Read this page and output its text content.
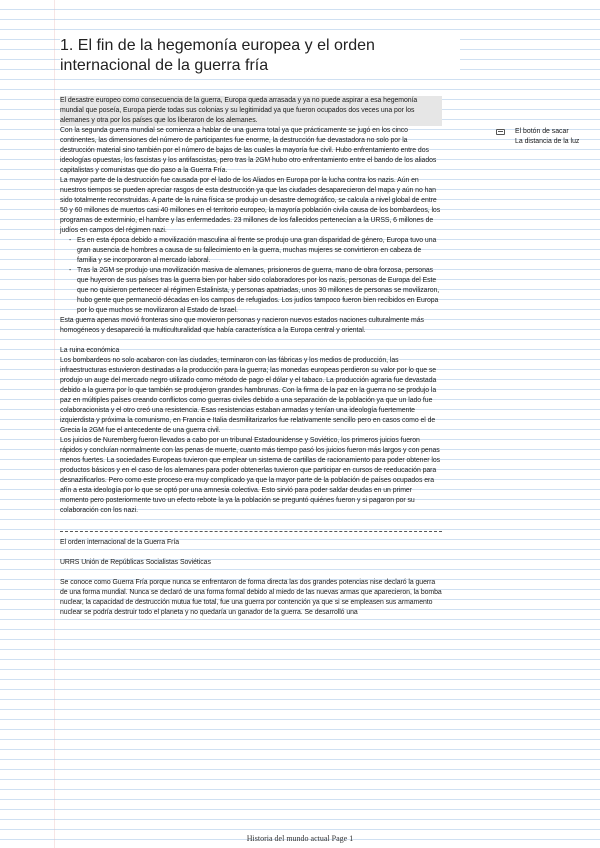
1. El fin de la hegemonía europea y el orden internacional de la guerra fría

El desastre europeo como consecuencia de la guerra, Europa queda arrasada y ya no puede aspirar a esa hegemonía mundial que poseía, Europa pierde todas sus colonias y su legitimidad ya que fueron ocupados dos veces una por los alemanes y otra por los países que los liberaron de los alemanes.

Con la segunda guerra mundial se comienza a hablar de una guerra total ya que prácticamente se jugó en los cinco continentes, las dimensiones del número de participantes fue enorme, la destrucción fue devastadora no solo por la destrucción material sino también por el número de bajas de las cuales la mayoría fue civil. Hubo enfrentamiento entre dos ideologías opuestas, los fascistas y los antifascistas, pero tras la 2GM hubo otro enfrentamiento entre el bando de los aliados capitalistas y comunistas que dio paso a la Guerra Fría.

La mayor parte de la destrucción fue causada por el lado de los Aliados en Europa por la lucha contra los nazis. Aún en nuestros tiempos se pueden apreciar rasgos de esta destrucción ya que las ciudades desaparecieron del mapa y aún no han sido totalmente reconstruidas. A parte de la ruina física se produjo un desastre demográfico, se calcula a nivel global de entre 50 y 60 millones de muertos casi 40 millones en el territorio europeo, la mayoría población civila causa de los bombardeos, los programas de exterminio, el hambre y las enfermedades. 23 millones de los fallecidos pertenecían a la URSS, 6 millones de judíos en campos del régimen nazi.

- Es en esta época debido a movilización masculina al frente se produjo una gran disparidad de género, Europa tuvo una gran ausencia de hombres a causa de su fallecimiento en la guerra, muchas mujeres se convirtieron en cabeza de familia y se incorporaron al mercado laboral.
- Tras la 2GM se produjo una movilización masiva de alemanes, prisioneros de guerra, mano de obra forzosa, personas que huyeron de sus países tras la guerra bien por haber sido colaboradores por los nazis, personas de Europa del Este que no quisieron pertenecer al régimen Estalinista, y personas apatriadas, unos 30 millones de personas se movilizaron, hubo gente que permaneció décadas en los campos de refugiados. Los judíos tampoco fueron bien recibidos en Europa por lo que muchos se movilizaron al Estado de Israel.

Esta guerra apenas movió fronteras sino que movieron personas y nacieron nuevos estados naciones culturalmente más homogéneos y desapareció la multiculturalidad que había característica a la Europa central y oriental.

La ruina económica

Los bombardeos no solo acabaron con las ciudades, terminaron con las fábricas y los medios de producción, las infraestructuras estuvieron destinadas a la producción para la guerra; las monedas europeas perdieron su valor por lo que se produjo un auge del mercado negro utilizado como método de pago el dólar y el tabaco. La producción agraria fue devastada debido a la guerra por lo que también se produjeron grandes hambrunas. Con la firma de la paz en la guerra no se produjo la paz en múltiples países creando conflictos como guerras civiles debido a una separación de la población ya que un lado fue colaboracionista y el otro creó una resistencia. Esas resistencias estaban armadas y tenían una ideología fuertemente izquierdista y próxima la comunismo, en Francia e Italia desmilitarizarlos fue relativamente sencillo pero en casos como el de Grecia la 2GM fue el antecedente de una guerra civil.

Los juicios de Nuremberg fueron llevados a cabo por un tribunal Estadounidense y Soviético, los primeros juicios fueron rápidos y concluían normalmente con las penas de muerte, cuanto más tiempo pasó los juicios fueron más largos y con penas menos fuertes. La sociedades Europeas tuvieron que emplear un sistema de cartillas de racionamiento para poder obtener los productos básicos y en el caso de los alemanes para poder obtenerlas tuvieron que participar en cursos de reeducación para desnazificarlos. Pero como este proceso era muy complicado ya que la mayor parte de la población de países ocupados era afín a esta ideología por lo que se optó por una amnesia colectiva. Esto sirvió para poder saldar deudas en un primer momento pero posteriormente tuvo un efecto rebote la ya la población se preguntó quiénes fueron y si pagaron por su colaboración con los nazi.

El orden internacional de la Guerra Fría

URRS Unión de Repúblicas Socialistas Soviéticas

Se conoce como Guerra Fría porque nunca se enfrentaron de forma directa las dos grandes potencias nise declaró la guerra de una forma mundial. Nunca se declaró de una forma formal debido al miedo de las nuevas armas que aparecieron, la bomba nuclear, la capacidad de destrucción mutua fue total, fue una guerra por contención ya que si se empleasen sus armamento nuclear se podría destruir todo el planeta y no quedaría un ganador de la guerra. Se desarrolló una

El botón de sacar
La distancia de la luz
Historia del mundo actual Page 1
